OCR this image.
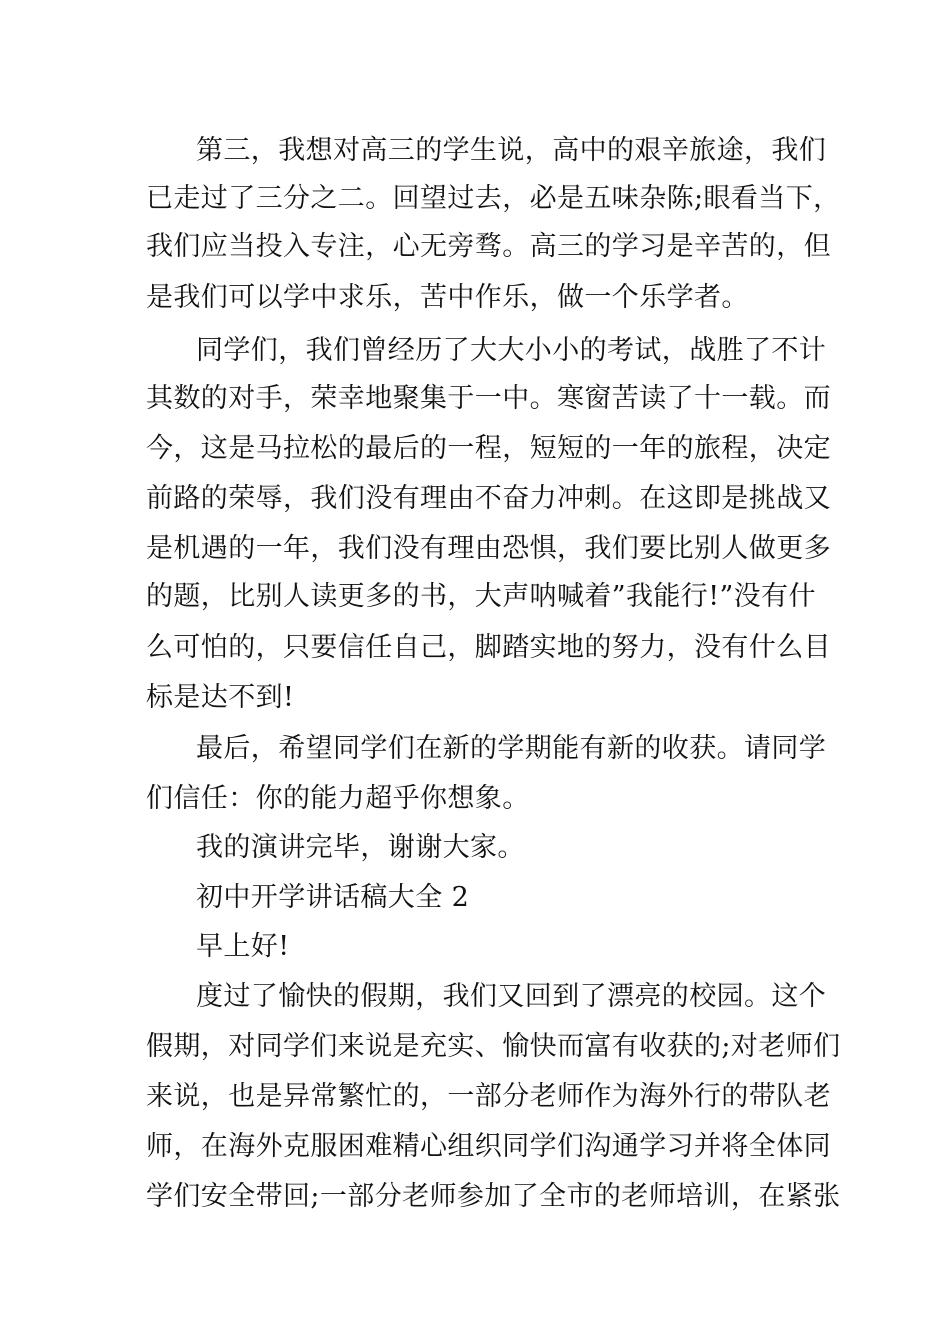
第三，我想对高三的学生说，高中的艰辛旅途，我们
已走过了三分之二。回望过去，必是五味杂陈;眼看当下，
我们应当投入专注，心无旁骛。高三的学习是辛苦的，但
是我们可以学中求乐，苦中作乐，做一个乐学者。
同学们，我们曾经历了大大小小的考试，战胜了不计
其数的对手，荣幸地聚集于一中。寒窗苦读了十一载。而
今，这是马拉松的最后的一程，短短的一年的旅程，决定
前路的荣辱，我们没有理由不奋力冲刺。在这即是挑战又
是机遇的一年，我们没有理由恐惧，我们要比别人做更多
的题，比别人读更多的书，大声呐喊着”我能行!”没有什
么可怕的，只要信任自己，脚踏实地的努力，没有什么目
标是达不到!
最后，希望同学们在新的学期能有新的收获。请同学
们信任：你的能力超乎你想象。
我的演讲完毕，谢谢大家。
初中开学讲话稿大全 2
早上好!
度过了愉快的假期，我们又回到了漂亮的校园。这个
假期，对同学们来说是充实、愉快而富有收获的;对老师们
来说，也是异常繁忙的，一部分老师作为海外行的带队老
师，在海外克服困难精心组织同学们沟通学习并将全体同
学们安全带回;一部分老师参加了全市的老师培训，在紧张
